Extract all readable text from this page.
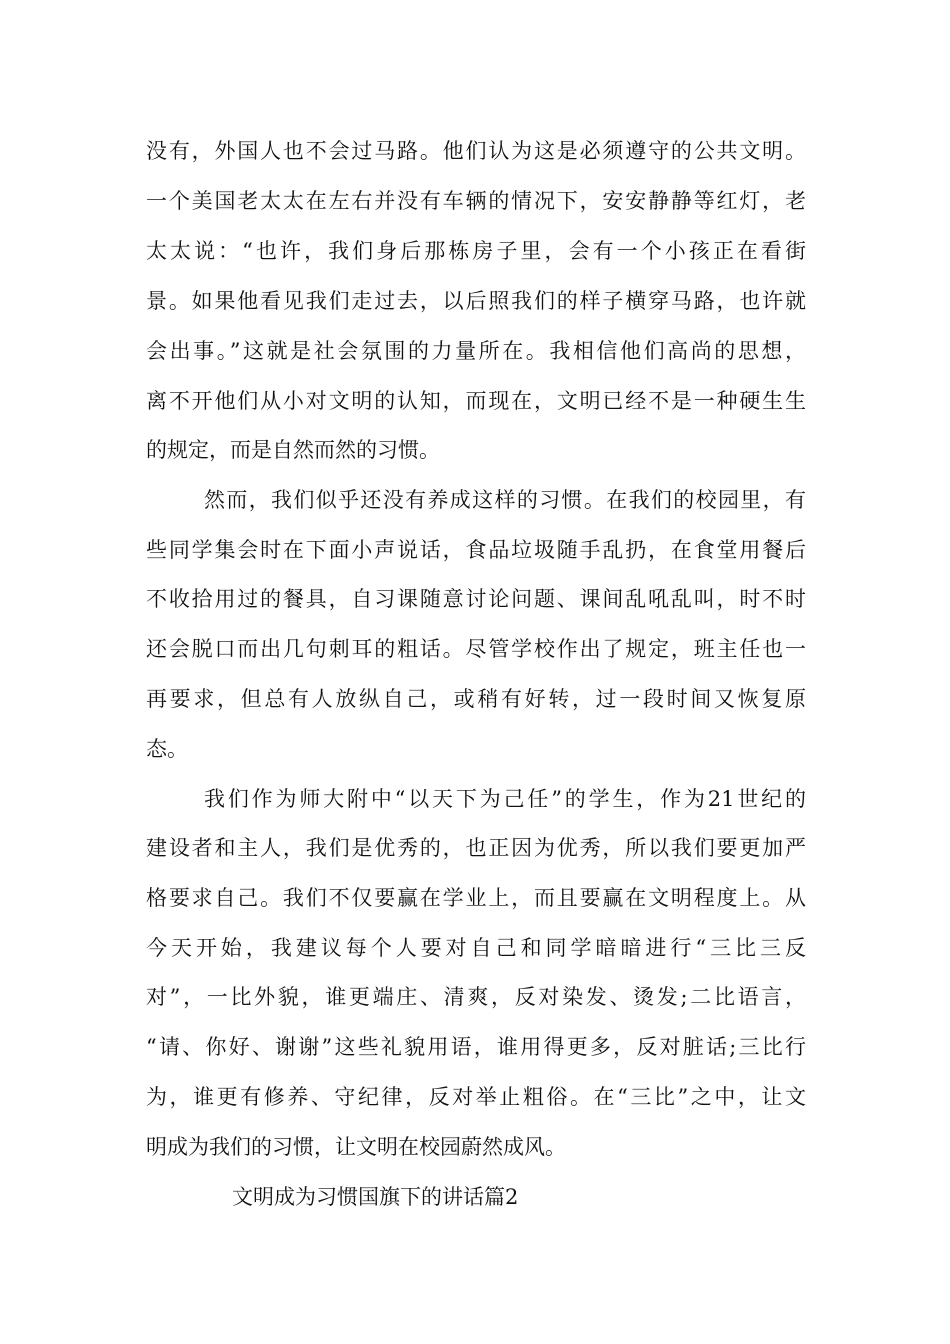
没有，外国人也不会过马路。他们认为这是必须遵守的公共文明。
一个美国老太太在左右并没有车辆的情况下，安安静静等红灯，老
太太说：“也许，我们身后那栋房子里，会有一个小孩正在看街
景。如果他看见我们走过去，以后照我们的样子横穿马路，也许就
会出事。”这就是社会氛围的力量所在。我相信他们高尚的思想，
离不开他们从小对文明的认知，而现在，文明已经不是一种硬生生
的规定，而是自然而然的习惯。
然而，我们似乎还没有养成这样的习惯。在我们的校园里，有
些同学集会时在下面小声说话，食品垃圾随手乱扔，在食堂用餐后
不收拾用过的餐具，自习课随意讨论问题、课间乱吼乱叫，时不时
还会脱口而出几句刺耳的粗话。尽管学校作出了规定，班主任也一
再要求，但总有人放纵自己，或稍有好转，过一段时间又恢复原
态。
我们作为师大附中“以天下为己任”的学生，作为21世纪的
建设者和主人，我们是优秀的，也正因为优秀，所以我们要更加严
格要求自己。我们不仅要赢在学业上，而且要赢在文明程度上。从
今天开始，我建议每个人要对自己和同学暗暗进行“三比三反
对”，一比外貌，谁更端庄、清爽，反对染发、烫发;二比语言，
“请、你好、谢谢”这些礼貌用语，谁用得更多，反对脏话;三比行
为，谁更有修养、守纪律，反对举止粗俗。在“三比”之中，让文
明成为我们的习惯，让文明在校园蔚然成风。
文明成为习惯国旗下的讲话篇2
